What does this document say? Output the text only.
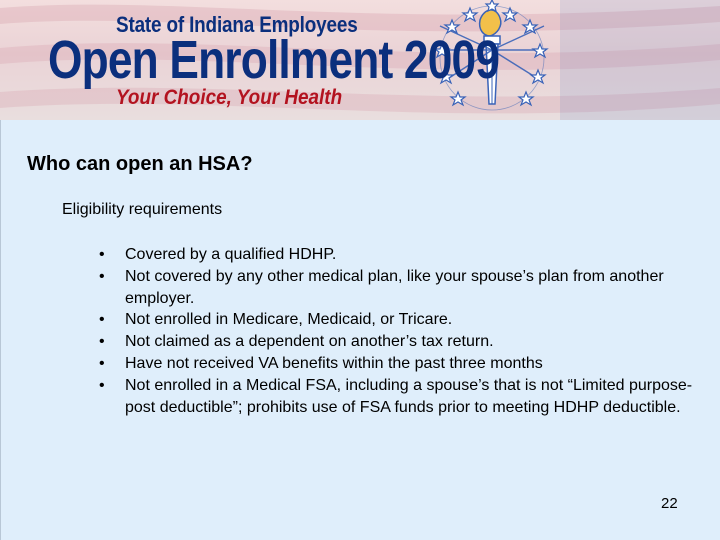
State of Indiana Employees
Open Enrollment 2009
Your Choice, Your Health
Who can open an HSA?
Eligibility requirements
• Covered by a qualified HDHP.
• Not covered by any other medical plan, like your spouse’s plan from another employer.
• Not enrolled in Medicare, Medicaid, or Tricare.
• Not claimed as a dependent on another’s tax return.
• Have not received VA benefits within the past three months
• Not enrolled in a Medical FSA, including a spouse’s that is not “Limited purpose-post deductible”; prohibits use of FSA funds prior to meeting HDHP deductible.
22
